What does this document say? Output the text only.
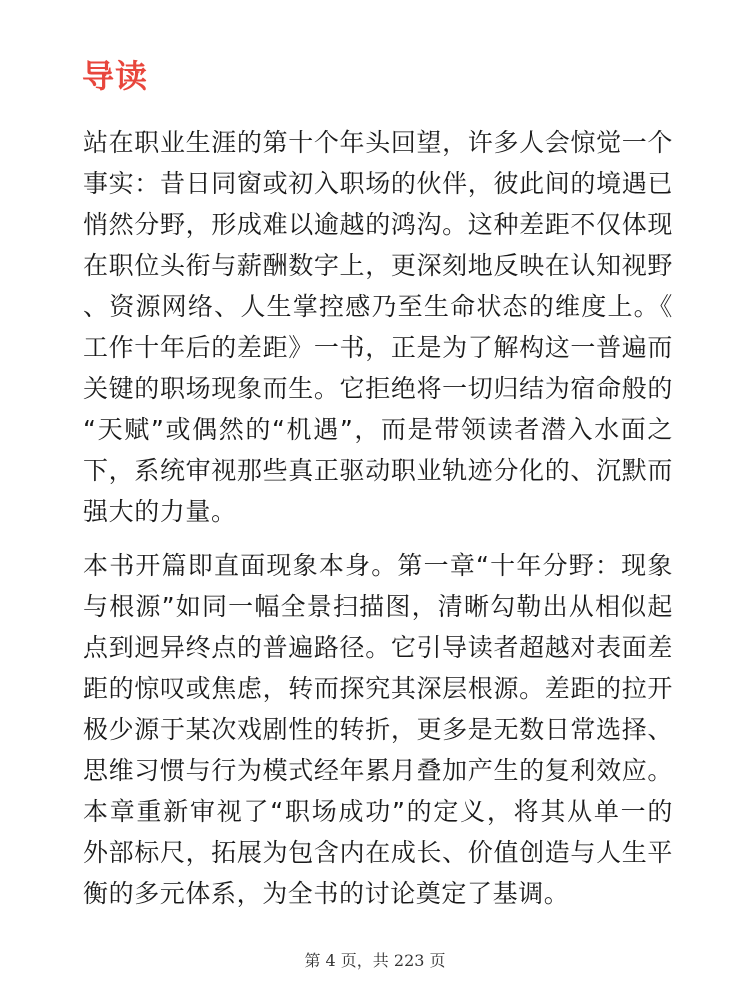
导读

站在职业生涯的第十个年头回望，许多人会惊觉一个事实：昔日同窗或初入职场的伙伴，彼此间的境遇已悄然分野，形成难以逾越的鸿沟。这种差距不仅体现在职位头衔与薪酬数字上，更深刻地反映在认知视野、资源网络、人生掌控感乃至生命状态的维度上。《工作十年后的差距》一书，正是为了解构这一普遍而关键的职场现象而生。它拒绝将一切归结为宿命般的“天赋”或偶然的“机遇”，而是带领读者潜入水面之下，系统审视那些真正驱动职业轨迹分化的、沉默而强大的力量。

本书开篇即直面现象本身。第一章“十年分野：现象与根源”如同一幅全景扫描图，清晰勾勒出从相似起点到迥异终点的普遍路径。它引导读者超越对表面差距的惊叹或焦虑，转而探究其深层根源。差距的拉开极少源于某次戏剧性的转折，更多是无数日常选择、思维习惯与行为模式经年累月叠加产生的复利效应。本章重新审视了“职场成功”的定义，将其从单一的外部标尺，拓展为包含内在成长、价值创造与人生平衡的多元体系，为全书的讨论奠定了基调。

第 4 页，共 223 页
